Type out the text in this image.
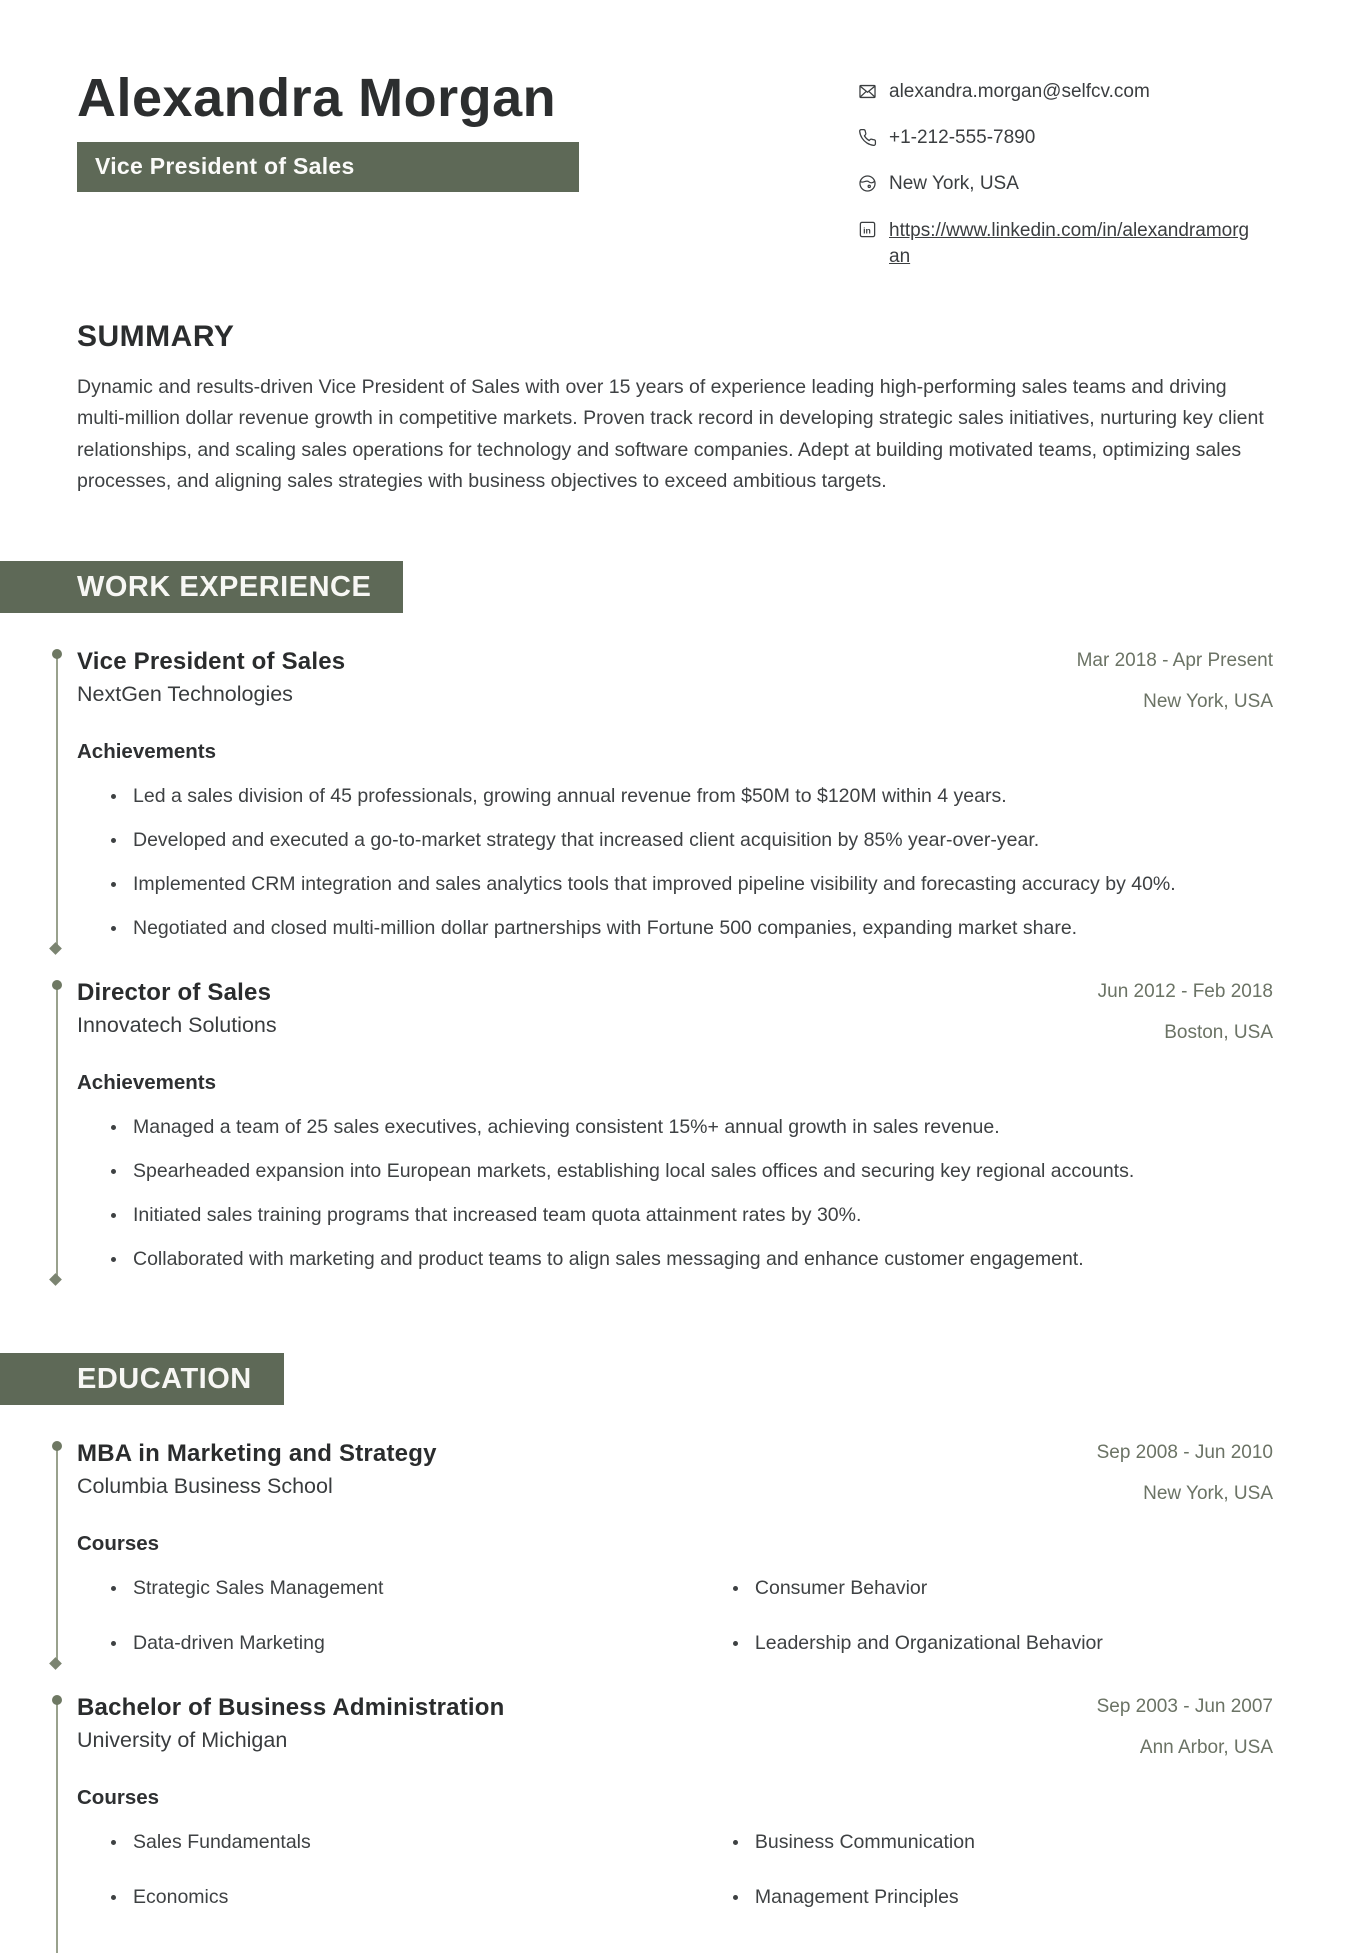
Alexandra Morgan
Vice President of Sales
alexandra.morgan@selfcv.com
+1-212-555-7890
New York, USA
in https://www.linkedin.com/in/alexandramorgan
SUMMARY

Dynamic and results-driven Vice President of Sales with over 15 years of experience leading high-performing sales teams and driving multi-million dollar revenue growth in competitive markets. Proven track record in developing strategic sales initiatives, nurturing key client relationships, and scaling sales operations for technology and software companies. Adept at building motivated teams, optimizing sales processes, and aligning sales strategies with business objectives to exceed ambitious targets.

WORK EXPERIENCE
Vice President of Sales
NextGen Technologies
Mar 2018 - Apr Present
New York, USA
Achievements
Led a sales division of 45 professionals, growing annual revenue from $50M to $120M within 4 years.
Developed and executed a go-to-market strategy that increased client acquisition by 85% year-over-year.
Implemented CRM integration and sales analytics tools that improved pipeline visibility and forecasting accuracy by 40%.
Negotiated and closed multi-million dollar partnerships with Fortune 500 companies, expanding market share.
Director of Sales
Innovatech Solutions
Jun 2012 - Feb 2018
Boston, USA
Achievements
Managed a team of 25 sales executives, achieving consistent 15%+ annual growth in sales revenue.
Spearheaded expansion into European markets, establishing local sales offices and securing key regional accounts.
Initiated sales training programs that increased team quota attainment rates by 30%.
Collaborated with marketing and product teams to align sales messaging and enhance customer engagement.
EDUCATION
MBA in Marketing and Strategy
Columbia Business School
Sep 2008 - Jun 2010
New York, USA
Courses
Strategic Sales Management	Consumer Behavior
Data-driven Marketing	Leadership and Organizational Behavior
Bachelor of Business Administration
University of Michigan
Sep 2003 - Jun 2007
Ann Arbor, USA
Courses
Sales Fundamentals	Business Communication
Economics	Management Principles
